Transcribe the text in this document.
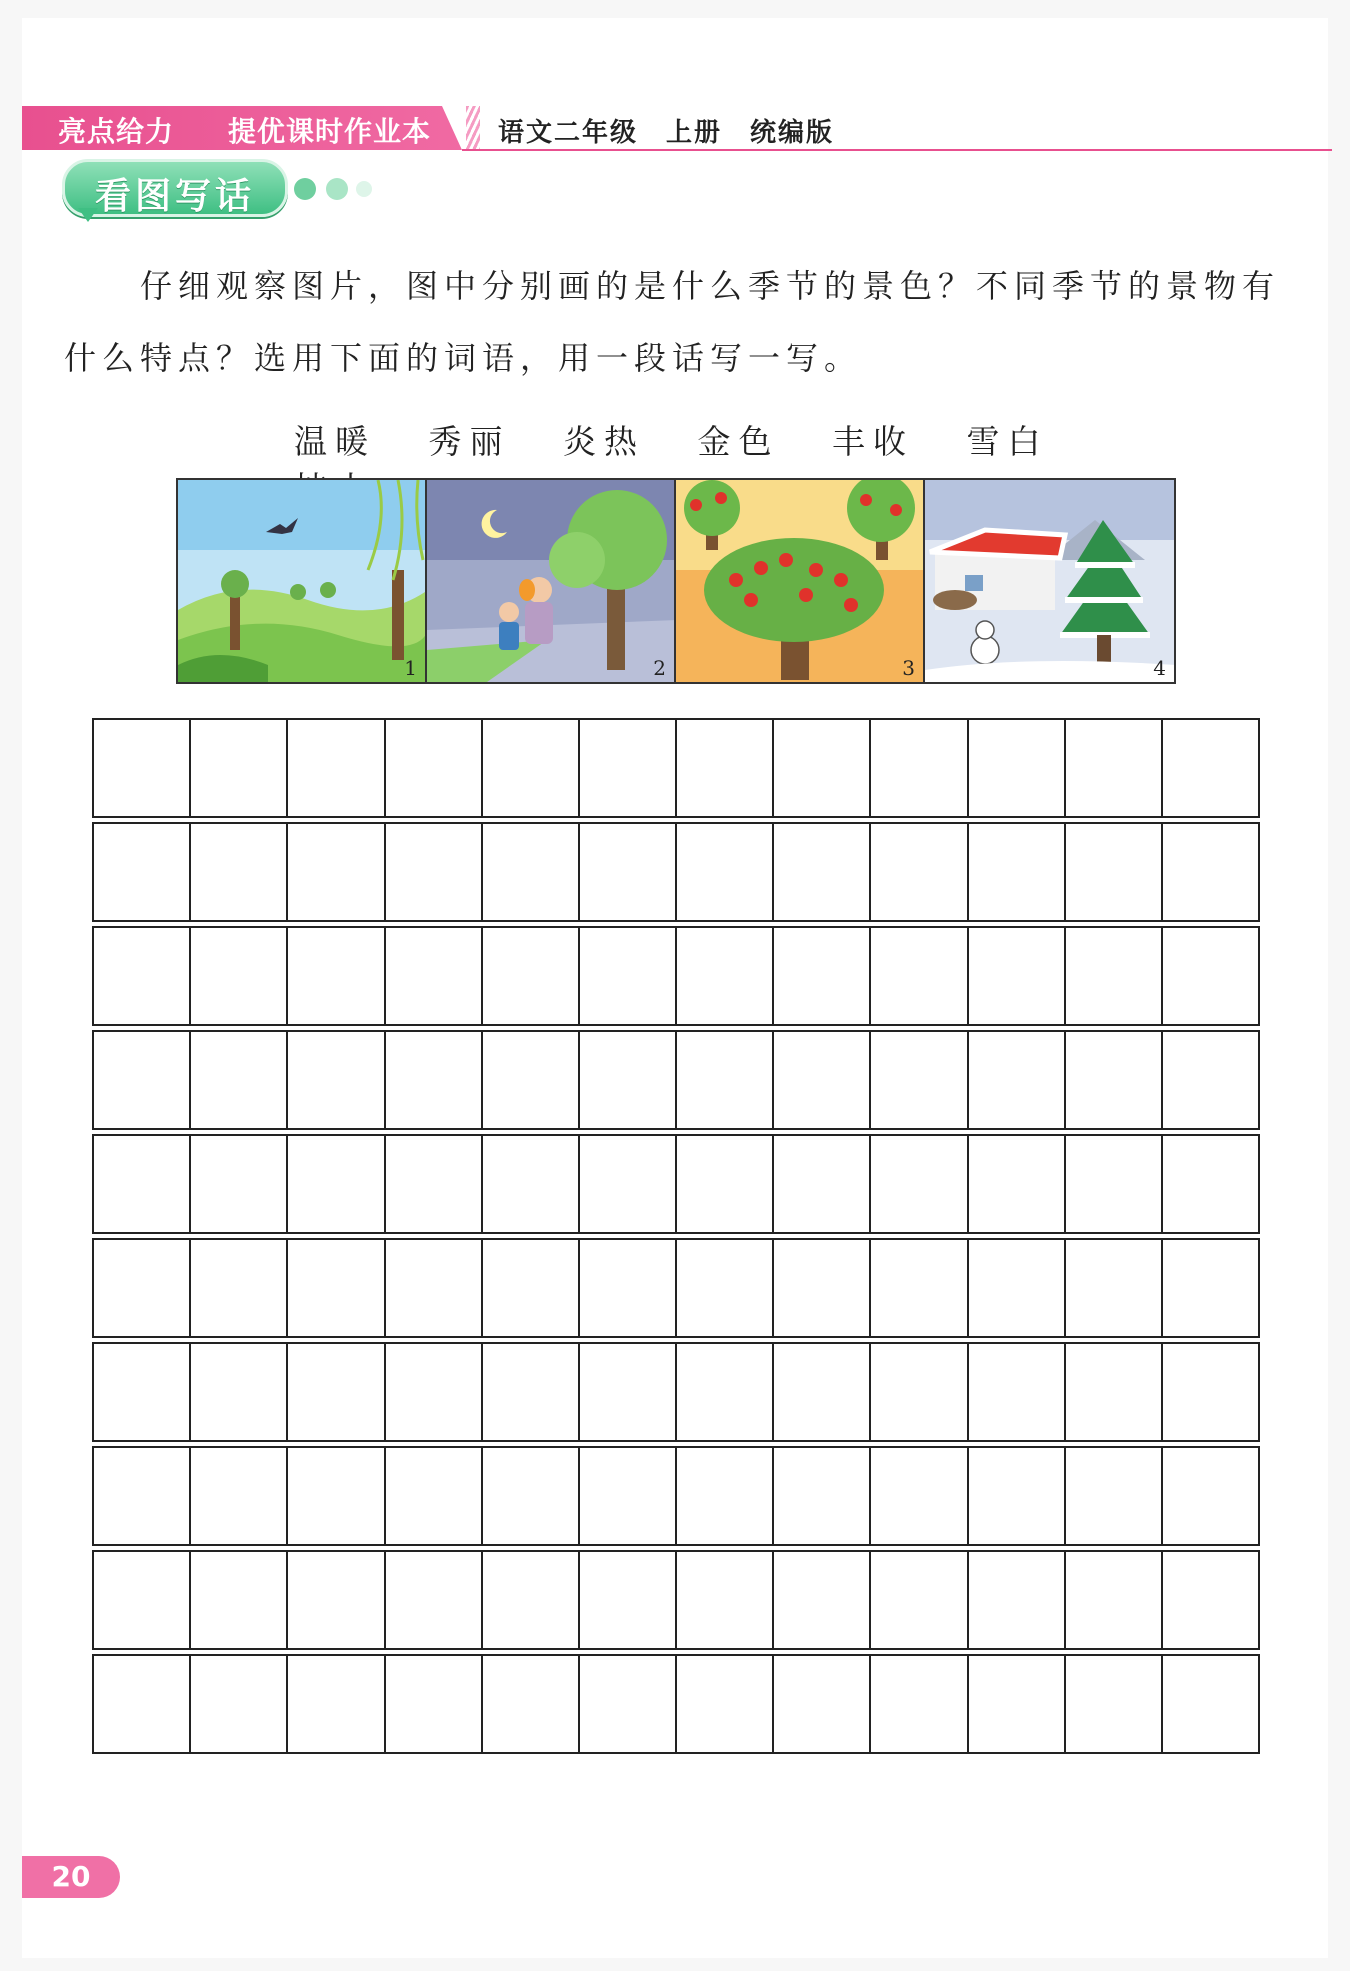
亮点给力 提优课时作业本	语文二年级　上册　统编版
看图写话
仔细观察图片，图中分别画的是什么季节的景色？不同季节的景物有
什么特点？选用下面的词语，用一段话写一写。
温暖 秀丽 炎热 金色 丰收 雪白
1	2	3	4
20
